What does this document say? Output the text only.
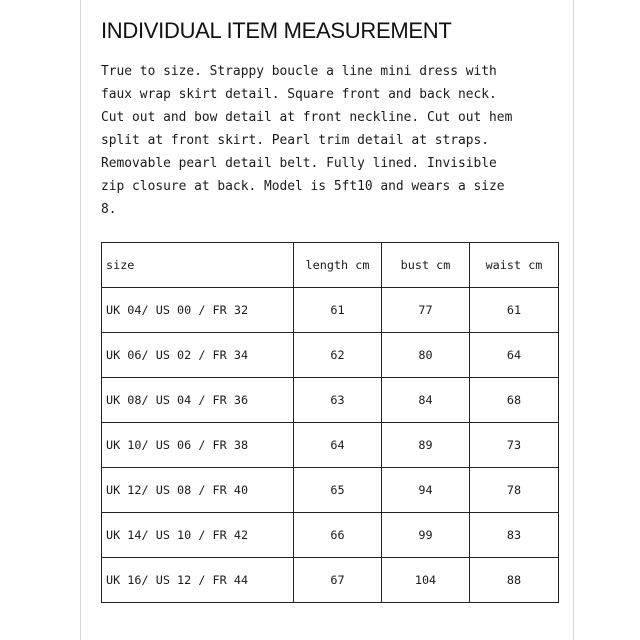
INDIVIDUAL ITEM MEASUREMENT
True to size. Strappy boucle a line mini dress with
faux wrap skirt detail. Square front and back neck.
Cut out and bow detail at front neckline. Cut out hem
split at front skirt. Pearl trim detail at straps.
Removable pearl detail belt. Fully lined. Invisible
zip closure at back. Model is 5ft10 and wears a size
8.
size	length cm	bust cm	waist cm
UK 04/ US 00 / FR 32	61	77	61
UK 06/ US 02 / FR 34	62	80	64
UK 08/ US 04 / FR 36	63	84	68
UK 10/ US 06 / FR 38	64	89	73
UK 12/ US 08 / FR 40	65	94	78
UK 14/ US 10 / FR 42	66	99	83
UK 16/ US 12 / FR 44	67	104	88
